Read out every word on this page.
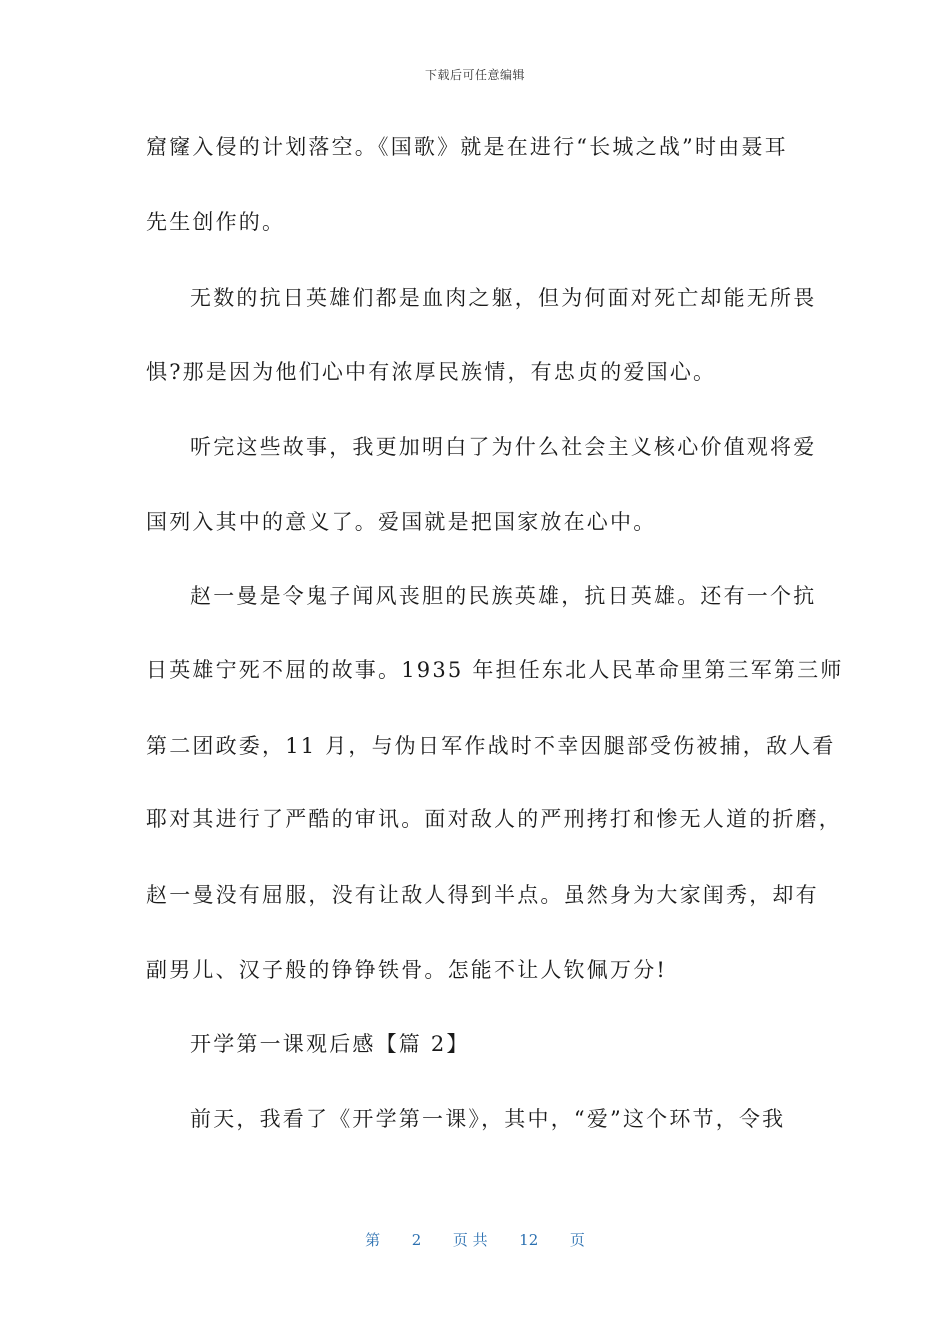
下载后可任意编辑
窟窿入侵的计划落空。《国歌》就是在进行“长城之战”时由聂耳
先生创作的。
无数的抗日英雄们都是血肉之躯，但为何面对死亡却能无所畏
惧?那是因为他们心中有浓厚民族情，有忠贞的爱国心。
听完这些故事，我更加明白了为什么社会主义核心价值观将爱
国列入其中的意义了。爱国就是把国家放在心中。
赵一曼是令鬼子闻风丧胆的民族英雄，抗日英雄。还有一个抗
日英雄宁死不屈的故事。1935 年担任东北人民革命里第三军第三师
第二团政委，11 月，与伪日军作战时不幸因腿部受伤被捕，敌人看
耶对其进行了严酷的审讯。面对敌人的严刑拷打和惨无人道的折磨，
赵一曼没有屈服，没有让敌人得到半点。虽然身为大家闺秀，却有
副男儿、汉子般的铮铮铁骨。怎能不让人钦佩万分!
开学第一课观后感【篇 2】
前天，我看了《开学第一课》，其中，“爱”这个环节，令我
第 2 页 共 12 页
